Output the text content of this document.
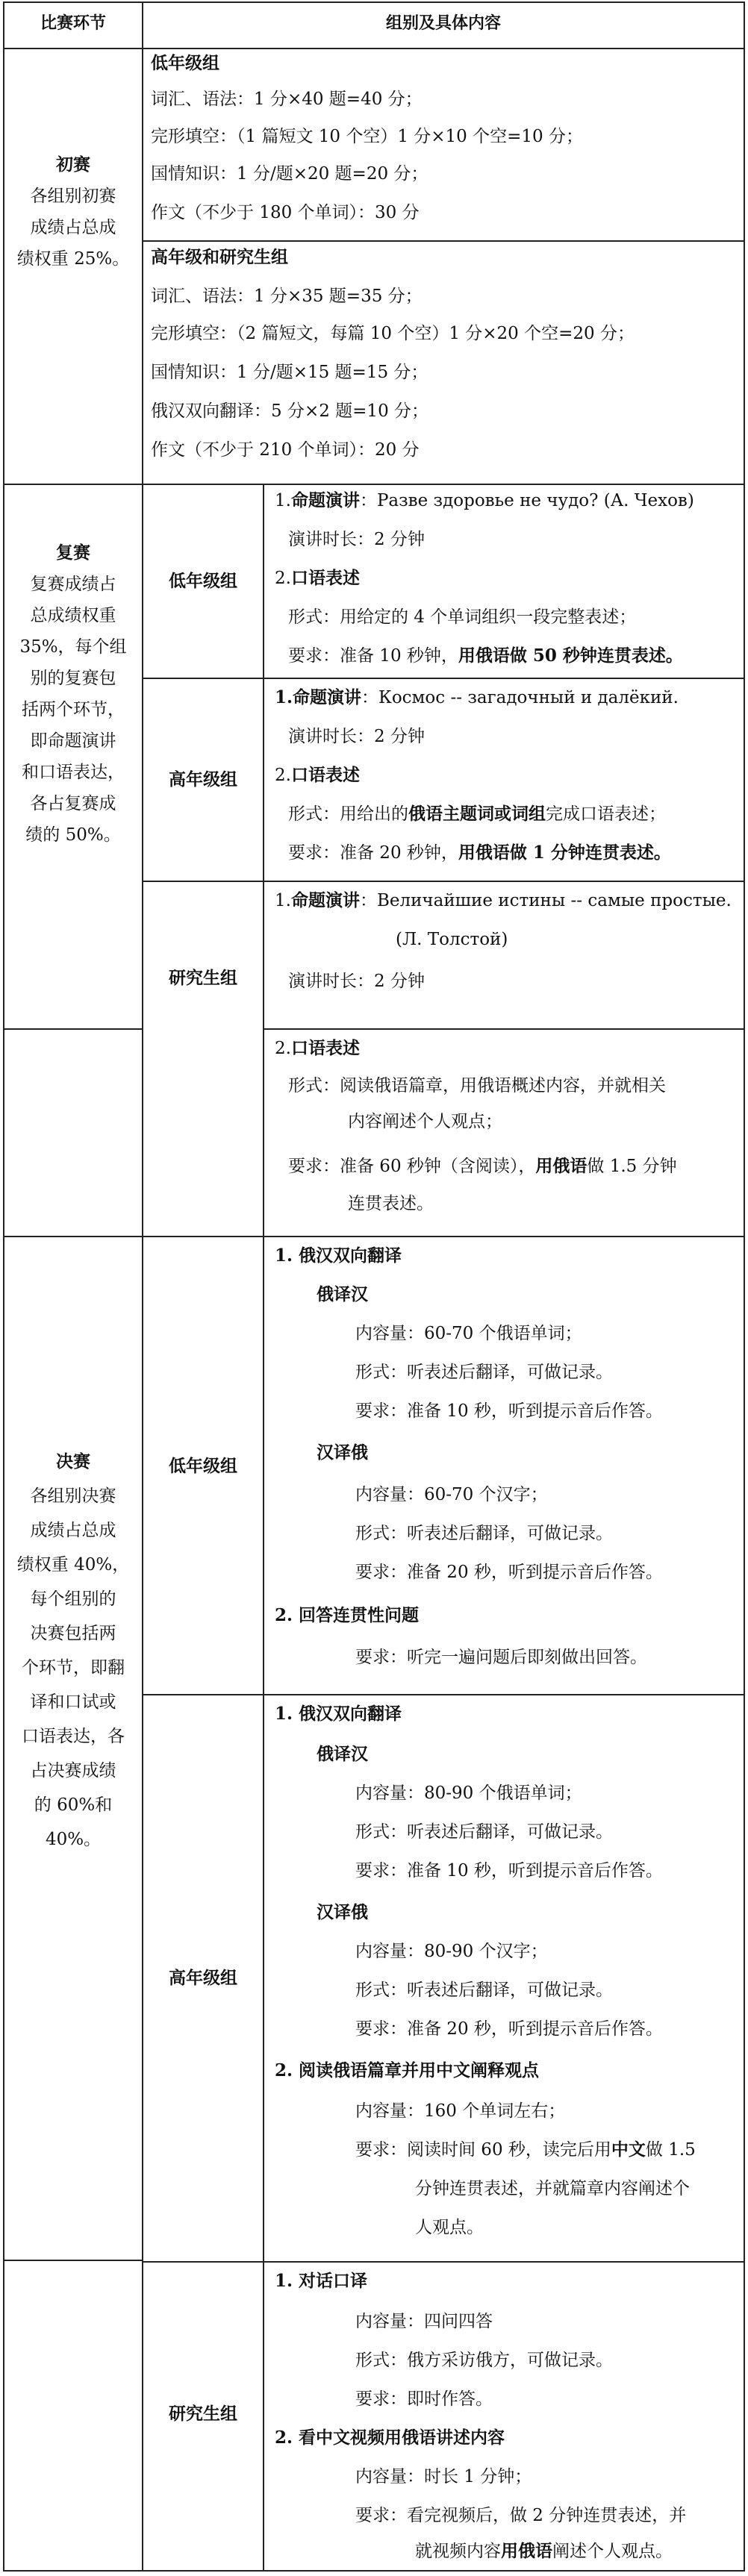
比赛环节	组别及具体内容
初赛
各组别初赛
成绩占总成
绩权重 25%。
低年级组
词汇、语法：1 分×40 题=40 分；
完形填空：（1 篇短文 10 个空）1 分×10 个空=10 分；
国情知识：1 分/题×20 题=20 分；
作文（不少于 180 个单词）：30 分
高年级和研究生组
词汇、语法：1 分×35 题=35 分；
完形填空：（2 篇短文，每篇 10 个空）1 分×20 个空=20 分；
国情知识：1 分/题×15 题=15 分；
俄汉双向翻译：5 分×2 题=10 分；
作文（不少于 210 个单词）：20 分
复赛
复赛成绩占
总成绩权重
35%，每个组
别的复赛包
括两个环节，
即命题演讲
和口语表达，
各占复赛成
绩的 50%。
低年级组
1.命题演讲：Разве здоровье не чудо? (А. Чехов)
演讲时长：2 分钟
2.口语表述
形式：用给定的 4 个单词组织一段完整表述；
要求：准备 10 秒钟，用俄语做 50 秒钟连贯表述。
高年级组
1.命题演讲：Космос -- загадочный и далёкий.
演讲时长：2 分钟
2.口语表述
形式：用给出的俄语主题词或词组完成口语表述；
要求：准备 20 秒钟，用俄语做 1 分钟连贯表述。
研究生组
1.命题演讲：Величайшие истины -- самые простые.
(Л. Толстой)
演讲时长：2 分钟
2.口语表述
形式：阅读俄语篇章，用俄语概述内容，并就相关
内容阐述个人观点；
要求：准备 60 秒钟（含阅读），用俄语做 1.5 分钟
连贯表述。
决赛
各组别决赛
成绩占总成
绩权重 40%，
每个组别的
决赛包括两
个环节，即翻
译和口试或
口语表达，各
占决赛成绩
的 60%和
40%。
低年级组
1. 俄汉双向翻译
俄译汉
内容量：60-70 个俄语单词；
形式：听表述后翻译，可做记录。
要求：准备 10 秒，听到提示音后作答。
汉译俄
内容量：60-70 个汉字；
形式：听表述后翻译，可做记录。
要求：准备 20 秒，听到提示音后作答。
2. 回答连贯性问题
要求：听完一遍问题后即刻做出回答。
高年级组
1. 俄汉双向翻译
俄译汉
内容量：80-90 个俄语单词；
形式：听表述后翻译，可做记录。
要求：准备 10 秒，听到提示音后作答。
汉译俄
内容量：80-90 个汉字；
形式：听表述后翻译，可做记录。
要求：准备 20 秒，听到提示音后作答。
2. 阅读俄语篇章并用中文阐释观点
内容量：160 个单词左右；
要求：阅读时间 60 秒，读完后用中文做 1.5
分钟连贯表述，并就篇章内容阐述个
人观点。
研究生组
1. 对话口译
内容量：四问四答
形式：俄方采访俄方，可做记录。
要求：即时作答。
2. 看中文视频用俄语讲述内容
内容量：时长 1 分钟；
要求：看完视频后，做 2 分钟连贯表述，并
就视频内容用俄语阐述个人观点。
